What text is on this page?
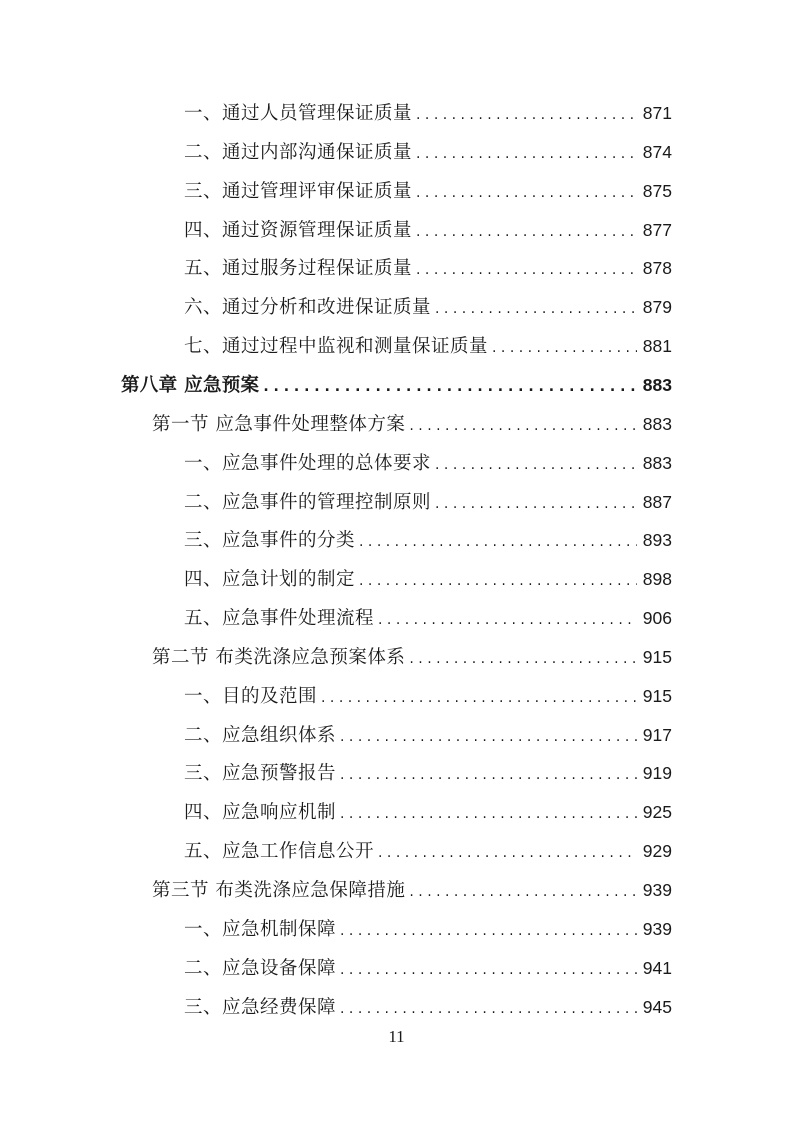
一、通过人员管理保证质量 . . .	871
二、通过内部沟通保证质量 . . .	874
三、通过管理评审保证质量 . . .	875
四、通过资源管理保证质量 . . .	877
五、通过服务过程保证质量 . . .	878
六、通过分析和改进保证质量 . . .	879
七、通过过程中监视和测量保证质量 . . .	881
第八章 应急预案 . . .	883
第一节 应急事件处理整体方案 . . .	883
一、应急事件处理的总体要求 . . .	883
二、应急事件的管理控制原则 . . .	887
三、应急事件的分类 . . .	893
四、应急计划的制定 . . .	898
五、应急事件处理流程 . . .	906
第二节 布类洗涤应急预案体系 . . .	915
一、目的及范围 . . .	915
二、应急组织体系 . . .	917
三、应急预警报告 . . .	919
四、应急响应机制 . . .	925
五、应急工作信息公开 . . .	929
第三节 布类洗涤应急保障措施 . . .	939
一、应急机制保障 . . .	939
二、应急设备保障 . . .	941
三、应急经费保障 . . .	945
11
